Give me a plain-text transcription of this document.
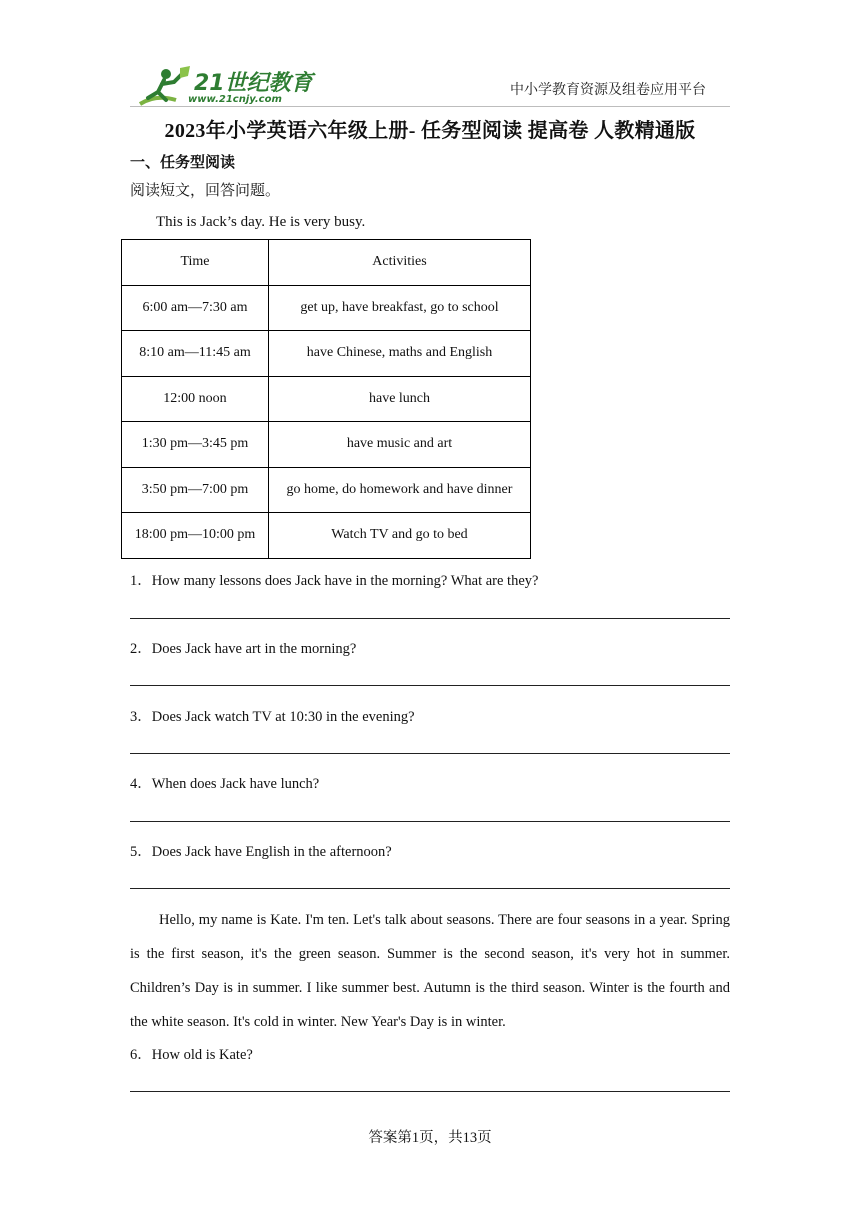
21世纪教育
www.21cnjy.com
中小学教育资源及组卷应用平台
2023年小学英语六年级上册- 任务型阅读 提高卷 人教精通版
一、任务型阅读
阅读短文，回答问题。
This is Jack’s day. He is very busy.
Time	Activities
6:00 am—7:30 am	get up, have breakfast, go to school
8:10 am—11:45 am	have Chinese, maths and English
12:00 noon	have lunch
1:30 pm—3:45 pm	have music and art
3:50 pm—7:00 pm	go home, do homework and have dinner
18:00 pm—10:00 pm	Watch TV and go to bed
1．How many lessons does Jack have in the morning? What are they?
2．Does Jack have art in the morning?
3．Does Jack watch TV at 10:30 in the evening?
4．When does Jack have lunch?
5．Does Jack have English in the afternoon?
Hello, my name is Kate. I'm ten. Let's talk about seasons. There are four seasons in a year. Spring is the first season, it's the green season. Summer is the second season, it's very hot in summer. Children’s Day is in summer. I like summer best. Autumn is the third season. Winter is the fourth and the white season. It's cold in winter. New Year's Day is in winter.
6．How old is Kate?
答案第1页，共13页
